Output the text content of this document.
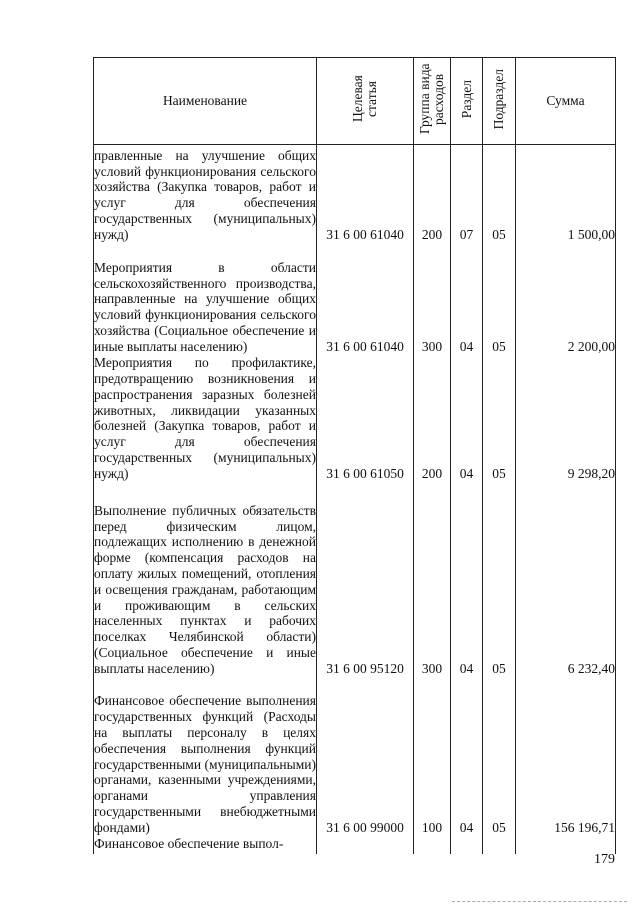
Наименование	Целевая статья	Группа вида расходов	Раздел	Подраздел	Сумма

правленные на улучшение общих условий функционирования сельского хозяйства (Закупка товаров, работ и услуг для обеспечения государственных (муниципальных) нужд)	31 6 00 61040	200	07	05	1 500,00

Мероприятия в области сельскохозяйственного производства, направленные на улучшение общих условий функционирования сельского хозяйства (Социальное обеспечение и иные выплаты населению)	31 6 00 61040	300	04	05	2 200,00

Мероприятия по профилактике, предотвращению возникновения и распространения заразных болезней животных, ликвидации указанных болезней (Закупка товаров, работ и услуг для обеспечения государственных (муниципальных) нужд)	31 6 00 61050	200	04	05	9 298,20

Выполнение публичных обязательств перед физическим лицом, подлежащих исполнению в денежной форме (компенсация расходов на оплату жилых помещений, отопления и освещения гражданам, работающим и проживающим в сельских населенных пунктах и рабочих поселках Челябинской области) (Социальное обеспечение и иные выплаты населению)	31 6 00 95120	300	04	05	6 232,40

Финансовое обеспечение выполнения государственных функций (Расходы на выплаты персоналу в целях обеспечения выполнения функций государственными (муниципальными) органами, казенными учреждениями, органами управления государственными внебюджетными фондами)	31 6 00 99000	100	04	05	156 196,71

Финансовое обеспечение выпол-					

179
